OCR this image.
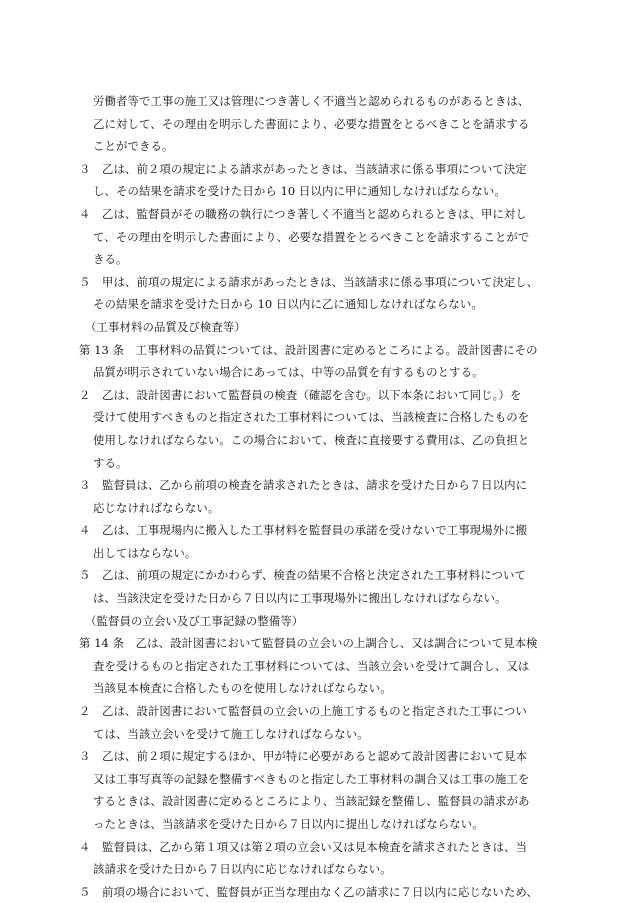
労働者等で工事の施工又は管理につき著しく不適当と認められるものがあるときは、
乙に対して、その理由を明示した書面により、必要な措置をとるべきことを請求する
ことができる。
３　乙は、前２項の規定による請求があったときは、当該請求に係る事項について決定
し、その結果を請求を受けた日から 10 日以内に甲に通知しなければならない。
４　乙は、監督員がその職務の執行につき著しく不適当と認められるときは、甲に対し
て、その理由を明示した書面により、必要な措置をとるべきことを請求することがで
きる。
５　甲は、前項の規定による請求があったときは、当該請求に係る事項について決定し、
その結果を請求を受けた日から 10 日以内に乙に通知しなければならない。
（工事材料の品質及び検査等）
第 13 条　工事材料の品質については、設計図書に定めるところによる。設計図書にその
品質が明示されていない場合にあっては、中等の品質を有するものとする。
２　乙は、設計図書において監督員の検査（確認を含む。以下本条において同じ。）を
受けて使用すべきものと指定された工事材料については、当該検査に合格したものを
使用しなければならない。この場合において、検査に直接要する費用は、乙の負担と
する。
３　監督員は、乙から前項の検査を請求されたときは、請求を受けた日から７日以内に
応じなければならない。
４　乙は、工事現場内に搬入した工事材料を監督員の承諾を受けないで工事現場外に搬
出してはならない。
５　乙は、前項の規定にかかわらず、検査の結果不合格と決定された工事材料について
は、当該決定を受けた日から７日以内に工事現場外に搬出しなければならない。
（監督員の立会い及び工事記録の整備等）
第 14 条　乙は、設計図書において監督員の立会いの上調合し、又は調合について見本検
査を受けるものと指定された工事材料については、当該立会いを受けて調合し、又は
当該見本検査に合格したものを使用しなければならない。
２　乙は、設計図書において監督員の立会いの上施工するものと指定された工事につい
ては、当該立会いを受けて施工しなければならない。
３　乙は、前２項に規定するほか、甲が特に必要があると認めて設計図書において見本
又は工事写真等の記録を整備すべきものと指定した工事材料の調合又は工事の施工を
するときは、設計図書に定めるところにより、当該記録を整備し、監督員の請求があ
ったときは、当該請求を受けた日から７日以内に提出しなければならない。
４　監督員は、乙から第１項又は第２項の立会い又は見本検査を請求されたときは、当
該請求を受けた日から７日以内に応じなければならない。
５　前項の場合において、監督員が正当な理由なく乙の請求に７日以内に応じないため、
